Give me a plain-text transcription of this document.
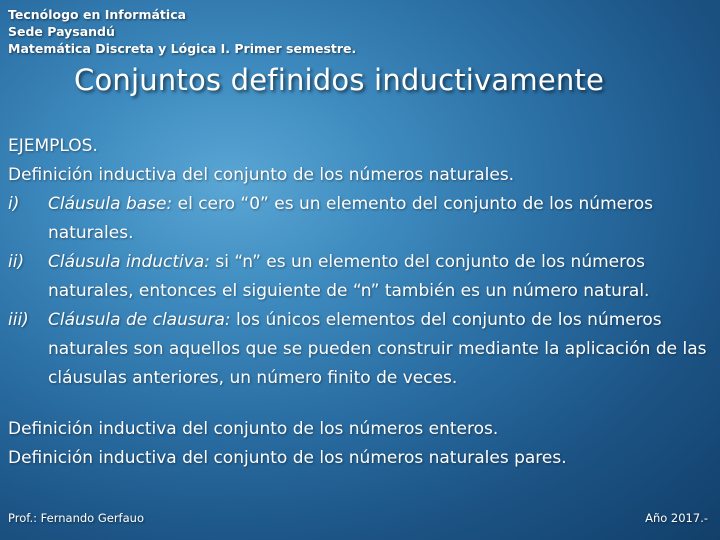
Tecnólogo en Informática
Sede Paysandú
Matemática Discreta y Lógica I. Primer semestre.
Conjuntos definidos inductivamente
EJEMPLOS.
Definición inductiva del conjunto de los números naturales.
i)	Cláusula base: el cero “0” es un elemento del conjunto de los números naturales.
ii)	Cláusula inductiva: si “n” es un elemento del conjunto de los números naturales, entonces el siguiente de “n” también es un número natural.
iii)	Cláusula de clausura: los únicos elementos del conjunto de los números naturales son aquellos que se pueden construir mediante la aplicación de las cláusulas anteriores, un número finito de veces.
Definición inductiva del conjunto de los números enteros.
Definición inductiva del conjunto de los números naturales pares.
Prof.: Fernando Gerfauo	Año 2017.-
